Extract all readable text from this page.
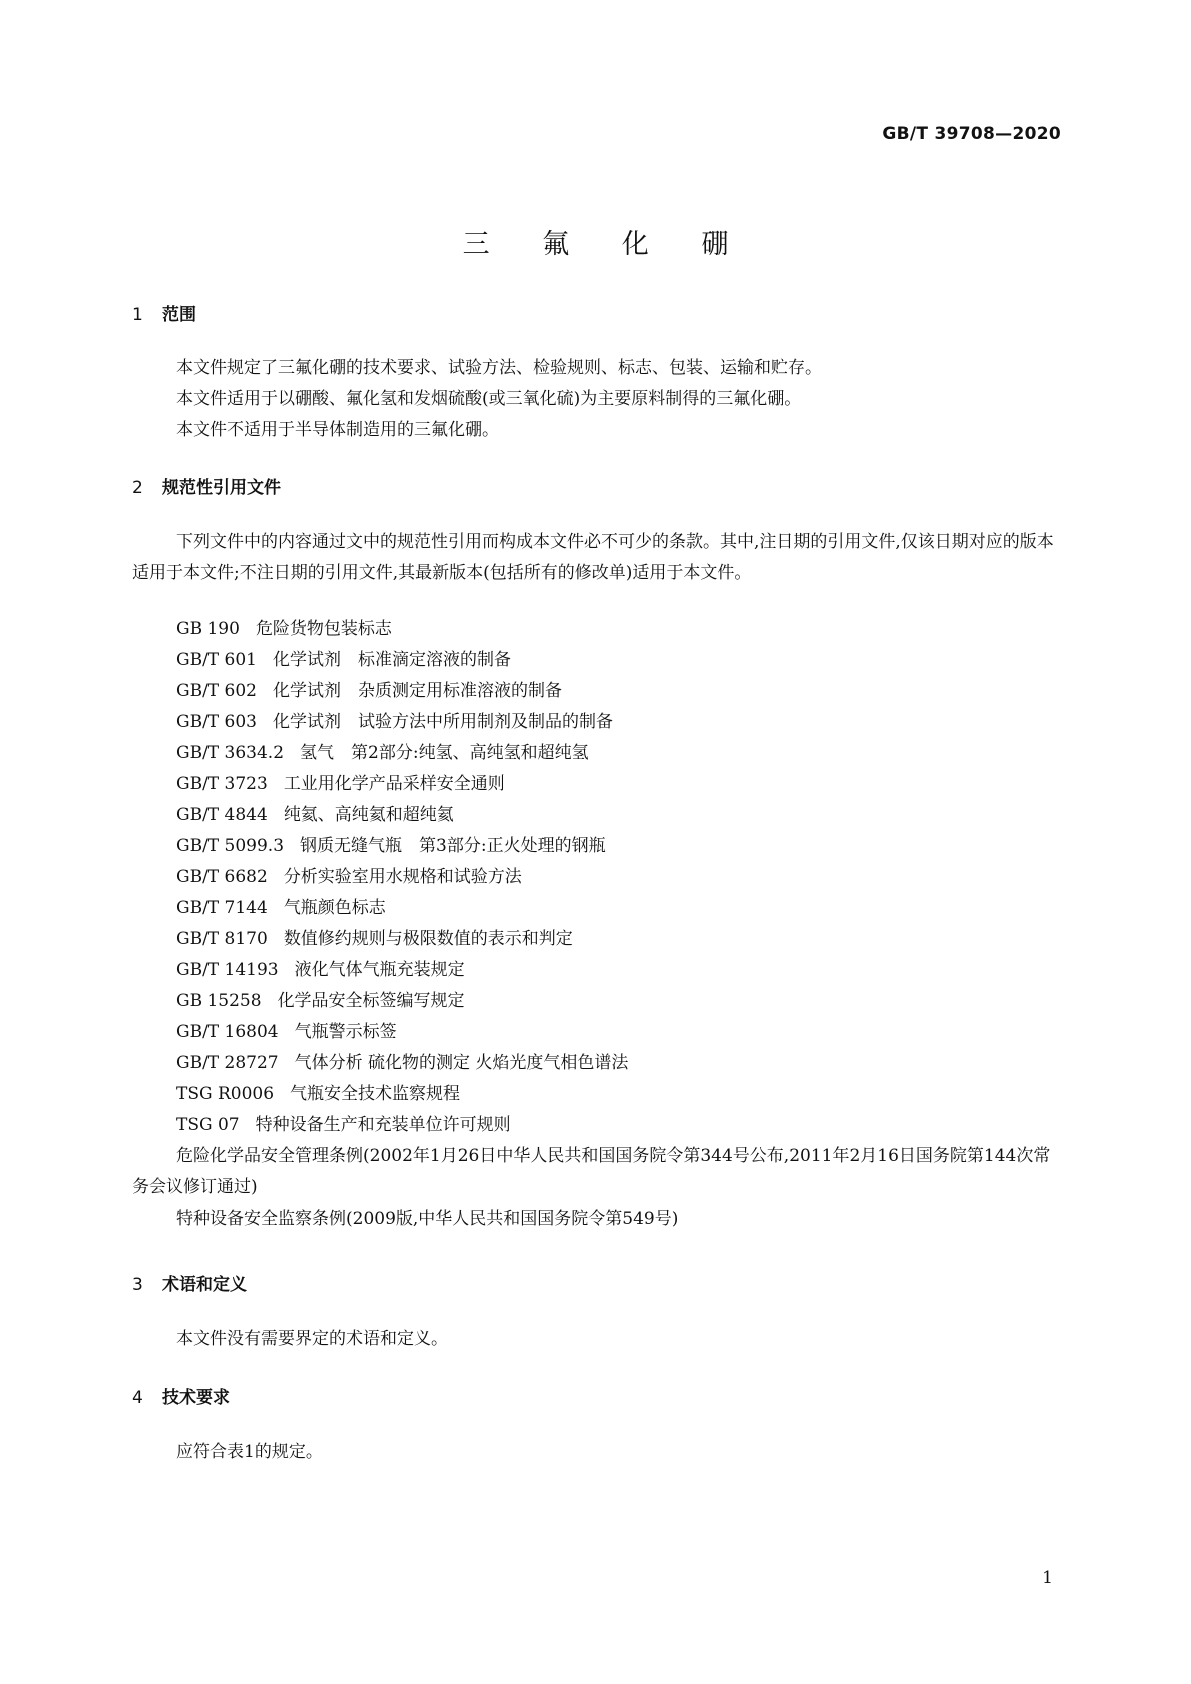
GB/T 39708—2020
三 氟 化 硼
1 范围

本文件规定了三氟化硼的技术要求、试验方法、检验规则、标志、包装、运输和贮存。

本文件适用于以硼酸、氟化氢和发烟硫酸(或三氧化硫)为主要原料制得的三氟化硼。

本文件不适用于半导体制造用的三氟化硼。

2 规范性引用文件
下列文件中的内容通过文中的规范性引用而构成本文件必不可少的条款。其中,注日期的引用文件,仅该日期对应的版本适用于本文件;不注日期的引用文件,其最新版本(包括所有的修改单)适用于本文件。
GB 190 危险货物包装标志
GB/T 601 化学试剂　标准滴定溶液的制备
GB/T 602 化学试剂　杂质测定用标准溶液的制备
GB/T 603 化学试剂　试验方法中所用制剂及制品的制备
GB/T 3634.2 氢气　第2部分:纯氢、高纯氢和超纯氢
GB/T 3723 工业用化学产品采样安全通则
GB/T 4844 纯氦、高纯氦和超纯氦
GB/T 5099.3 钢质无缝气瓶　第3部分:正火处理的钢瓶
GB/T 6682 分析实验室用水规格和试验方法
GB/T 7144 气瓶颜色标志
GB/T 8170 数值修约规则与极限数值的表示和判定
GB/T 14193 液化气体气瓶充装规定
GB 15258 化学品安全标签编写规定
GB/T 16804 气瓶警示标签
GB/T 28727 气体分析 硫化物的测定 火焰光度气相色谱法
TSG R0006 气瓶安全技术监察规程
TSG 07 特种设备生产和充装单位许可规则
危险化学品安全管理条例(2002年1月26日中华人民共和国国务院令第344号公布,2011年2月16日国务院第144次常务会议修订通过)
特种设备安全监察条例(2009版,中华人民共和国国务院令第549号)
3 术语和定义

本文件没有需要界定的术语和定义。

4 技术要求

应符合表1的规定。

1
